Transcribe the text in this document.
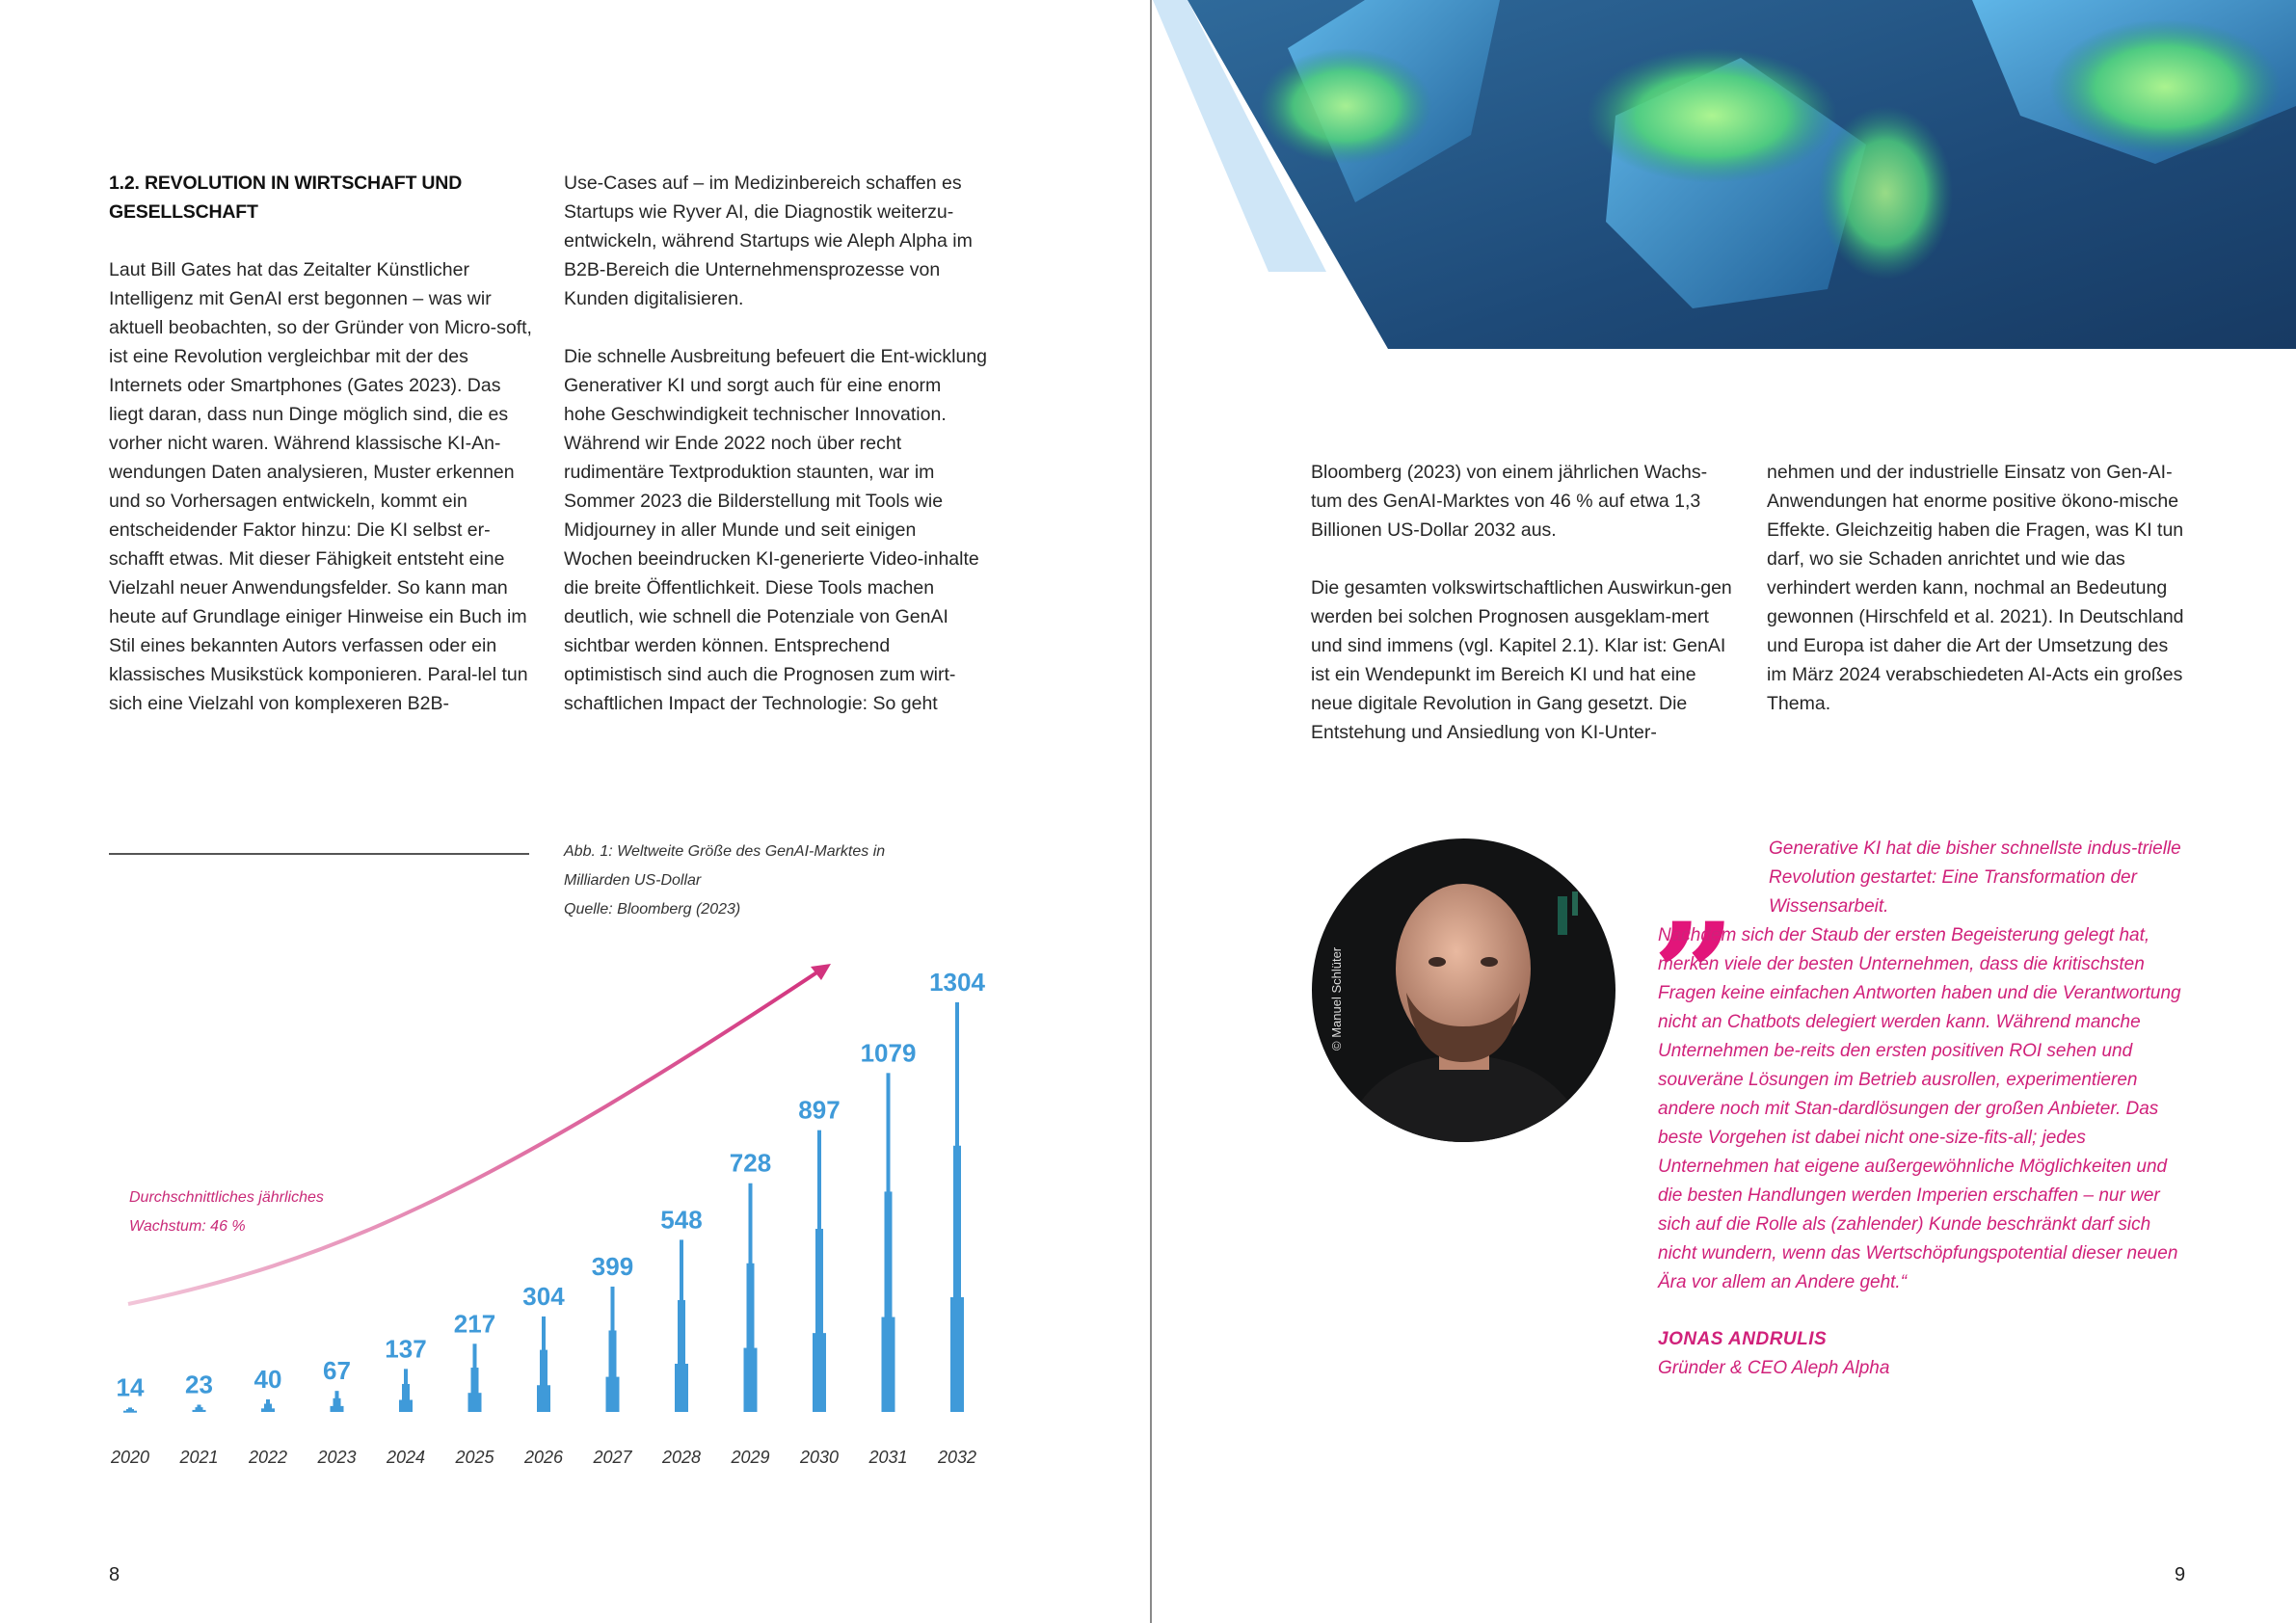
1.2. REVOLUTION IN WIRTSCHAFT UND
GESELLSCHAFT

Laut Bill Gates hat das Zeitalter Künstlicher Intelligenz mit GenAI erst begonnen – was wir aktuell beobachten, so der Gründer von Micro-soft, ist eine Revolution vergleichbar mit der des Internets oder Smartphones (Gates 2023). Das liegt daran, dass nun Dinge möglich sind, die es vorher nicht waren. Während klassische KI-An-wendungen Daten analysieren, Muster erkennen und so Vorhersagen entwickeln, kommt ein entscheidender Faktor hinzu: Die KI selbst er-schafft etwas. Mit dieser Fähigkeit entsteht eine Vielzahl neuer Anwendungsfelder. So kann man heute auf Grundlage einiger Hinweise ein Buch im Stil eines bekannten Autors verfassen oder ein klassisches Musikstück komponieren. Paral-lel tun sich eine Vielzahl von komplexeren B2B-

Use-Cases auf – im Medizinbereich schaffen es Startups wie Ryver AI, die Diagnostik weiterzu-entwickeln, während Startups wie Aleph Alpha im B2B-Bereich die Unternehmensprozesse von Kunden digitalisieren.

Die schnelle Ausbreitung befeuert die Ent-wicklung Generativer KI und sorgt auch für eine enorm hohe Geschwindigkeit technischer Innovation. Während wir Ende 2022 noch über recht rudimentäre Textproduktion staunten, war im Sommer 2023 die Bilderstellung mit Tools wie Midjourney in aller Munde und seit einigen Wochen beeindrucken KI-generierte Video-inhalte die breite Öffentlichkeit. Diese Tools machen deutlich, wie schnell die Potenziale von GenAI sichtbar werden können. Entsprechend optimistisch sind auch die Prognosen zum wirt-schaftlichen Impact der Technologie: So geht

Abb. 1: Weltweite Größe des GenAI-Marktes in
Milliarden US-Dollar
Quelle: Bloomberg (2023)
Durchschnittliches jährliches
Wachstum: 46 %
14
2020
23
2021
40
2022
67
2023
137
2024
217
2025
304
2026
399
2027
548
2028
728
2029
897
2030
1079
2031
1304
2032
8

Bloomberg (2023) von einem jährlichen Wachs-tum des GenAI-Marktes von 46 % auf etwa 1,3 Billionen US-Dollar 2032 aus.

Die gesamten volkswirtschaftlichen Auswirkun-gen werden bei solchen Prognosen ausgeklam-mert und sind immens (vgl. Kapitel 2.1). Klar ist: GenAI ist ein Wendepunkt im Bereich KI und hat eine neue digitale Revolution in Gang gesetzt. Die Entstehung und Ansiedlung von KI-Unter-

nehmen und der industrielle Einsatz von Gen-AI-Anwendungen hat enorme positive ökono-mische Effekte. Gleichzeitig haben die Fragen, was KI tun darf, wo sie Schaden anrichtet und wie das verhindert werden kann, nochmal an Bedeutung gewonnen (Hirschfeld et al. 2021). In Deutschland und Europa ist daher die Art der Umsetzung des im März 2024 verabschiedeten AI-Acts ein großes Thema.

9
© Manuel Schlüter
„	Generative KI hat die bisher schnellste indus-trielle Revolution gestartet: Eine Transformation der Wissensarbeit.
Nachdem sich der Staub der ersten Begeisterung gelegt hat, merken viele der besten Unternehmen, dass die kritischsten Fragen keine einfachen Antworten haben und die Verantwortung nicht an Chatbots delegiert werden kann. Während manche Unternehmen be-reits den ersten positiven ROI sehen und souveräne Lösungen im Betrieb ausrollen, experimentieren andere noch mit Stan-dardlösungen der großen Anbieter. Das beste Vorgehen ist dabei nicht one-size-fits-all; jedes Unternehmen hat eigene außergewöhnliche Möglichkeiten und die besten Handlungen werden Imperien erschaffen – nur wer sich auf die Rolle als (zahlender) Kunde beschränkt darf sich nicht wundern, wenn das Wertschöpfungspotential dieser neuen Ära vor allem an Andere geht.“
JONAS ANDRULIS
Gründer & CEO Aleph Alpha
